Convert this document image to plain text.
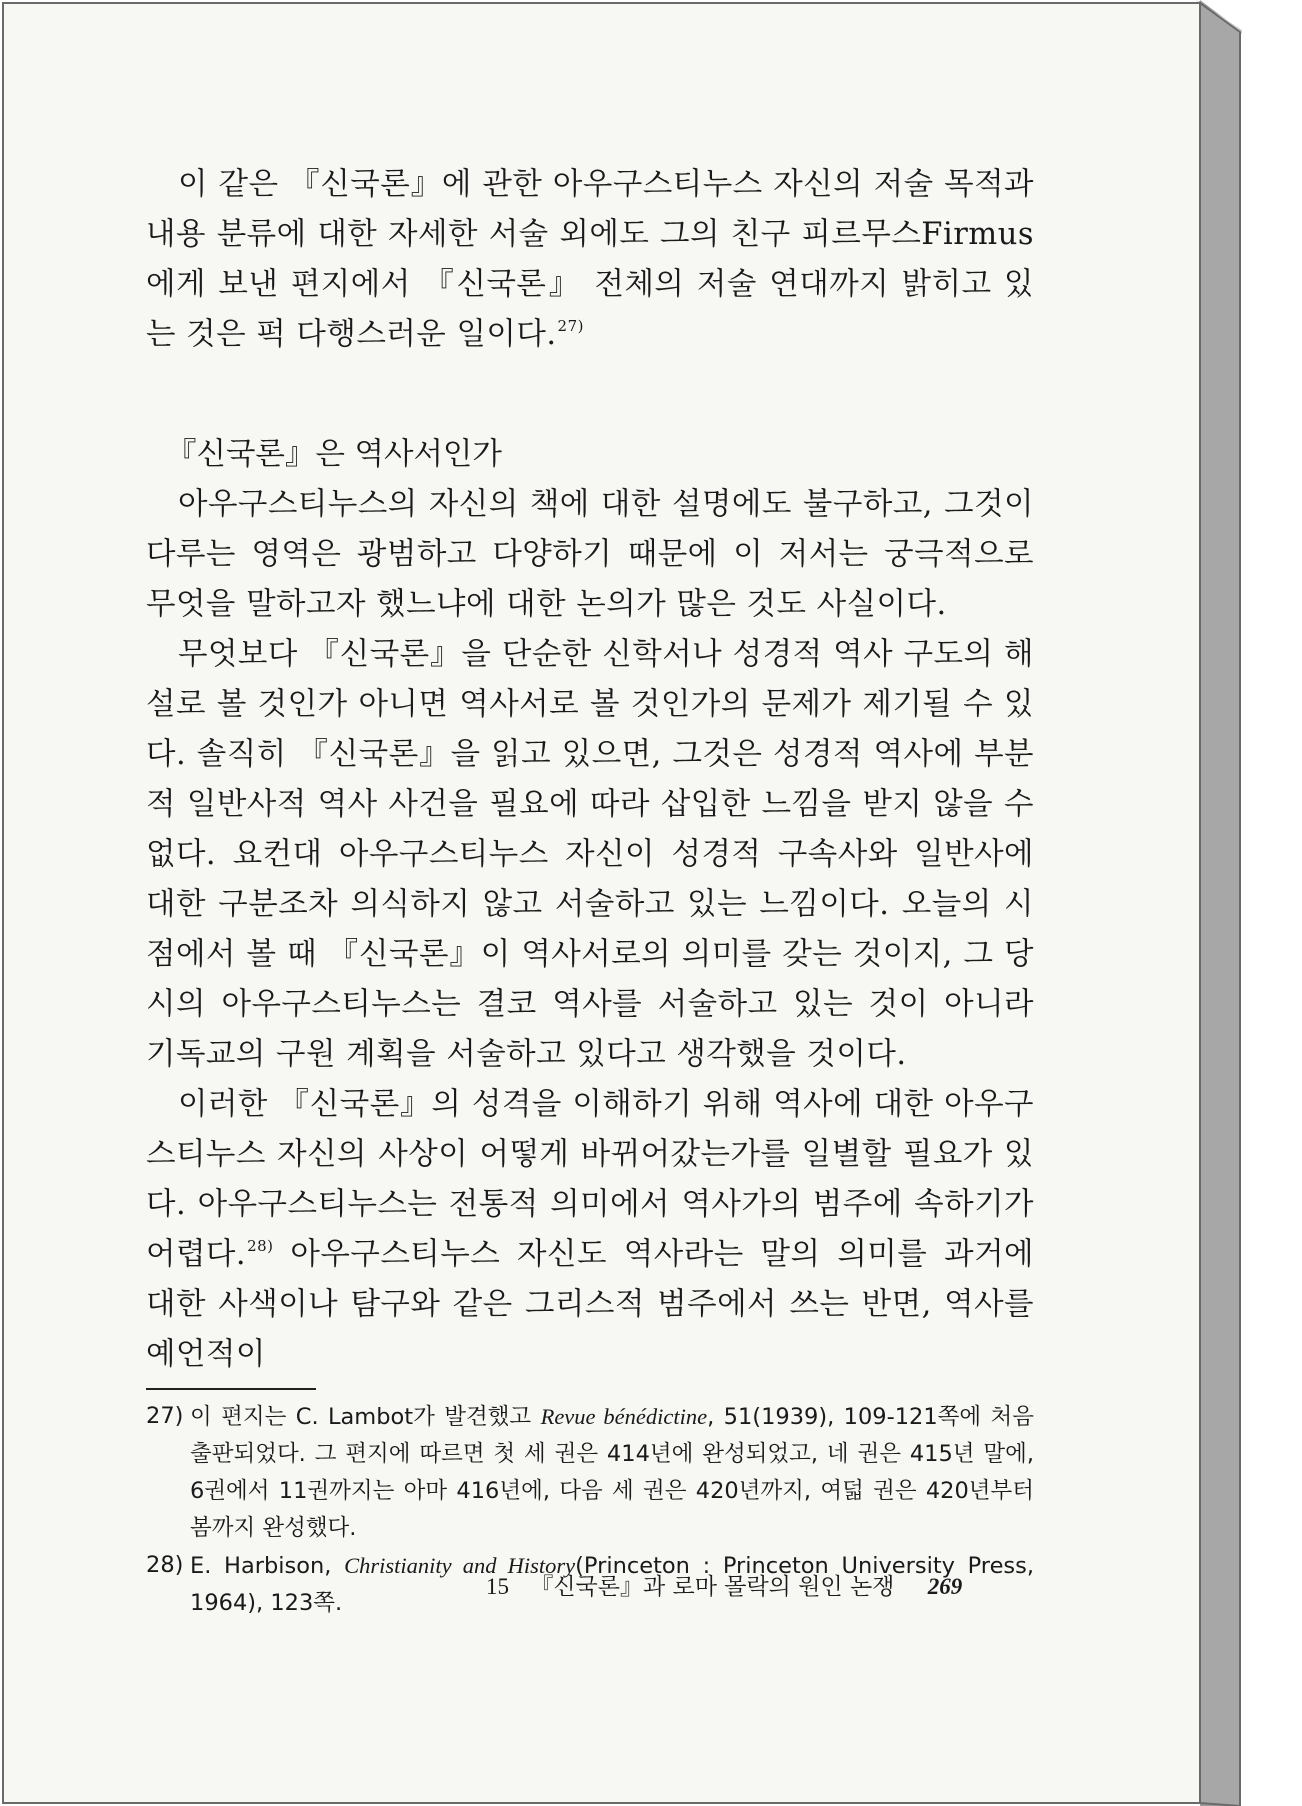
이 같은 『신국론』에 관한 아우구스티누스 자신의 저술 목적과 내용 분류에 대한 자세한 서술 외에도 그의 친구 피르무스Firmus에게 보낸 편지에서 『신국론』 전체의 저술 연대까지 밝히고 있는 것은 퍽 다행스러운 일이다.$^{27)}$

『신국론』은 역사서인가

아우구스티누스의 자신의 책에 대한 설명에도 불구하고, 그것이 다루는 영역은 광범하고 다양하기 때문에 이 저서는 궁극적으로 무엇을 말하고자 했느냐에 대한 논의가 많은 것도 사실이다.

무엇보다 『신국론』을 단순한 신학서나 성경적 역사 구도의 해설로 볼 것인가 아니면 역사서로 볼 것인가의 문제가 제기될 수 있다. 솔직히 『신국론』을 읽고 있으면, 그것은 성경적 역사에 부분적 일반사적 역사 사건을 필요에 따라 삽입한 느낌을 받지 않을 수 없다. 요컨대 아우구스티누스 자신이 성경적 구속사와 일반사에 대한 구분조차 의식하지 않고 서술하고 있는 느낌이다. 오늘의 시점에서 볼 때 『신국론』이 역사서로의 의미를 갖는 것이지, 그 당시의 아우구스티누스는 결코 역사를 서술하고 있는 것이 아니라 기독교의 구원 계획을 서술하고 있다고 생각했을 것이다.

이러한 『신국론』의 성격을 이해하기 위해 역사에 대한 아우구스티누스 자신의 사상이 어떻게 바뀌어갔는가를 일별할 필요가 있다. 아우구스티누스는 전통적 의미에서 역사가의 범주에 속하기가 어렵다.$^{28)}$ 아우구스티누스 자신도 역사라는 말의 의미를 과거에 대한 사색이나 탐구와 같은 그리스적 범주에서 쓰는 반면, 역사를 예언적이

27) 이 편지는 C. Lambot가 발견했고 Revue bénédictine, 51(1939), 109-121쪽에 처음 출판되었다. 그 편지에 따르면 첫 세 권은 414년에 완성되었고, 네 권은 415년 말에, 6권에서 11권까지는 아마 416년에, 다음 세 권은 420년까지, 여덟 권은 420년부터 봄까지 완성했다.
28) E. Harbison, Christianity and History(Princeton : Princeton University Press, 1964), 123쪽.
15 『신국론』과 로마 몰락의 원인 논쟁 269
